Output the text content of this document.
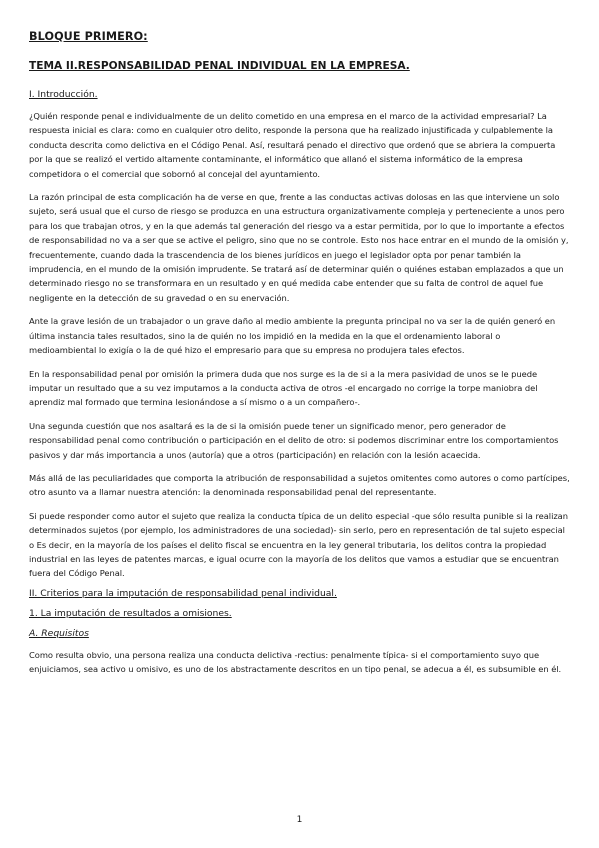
BLOQUE PRIMERO:
TEMA II.RESPONSABILIDAD PENAL INDIVIDUAL EN LA EMPRESA.
I. Introducción.

¿Quién responde penal e individualmente de un delito cometido en una empresa en el marco de la actividad empresarial? La respuesta inicial es clara: como en cualquier otro delito, responde la persona que ha realizado injustificada y culpablemente la conducta descrita como delictiva en el Código Penal. Así, resultará penado el directivo que ordenó que se abriera la compuerta por la que se realizó el vertido altamente contaminante, el informático que allanó el sistema informático de la empresa competidora o el comercial que sobornó al concejal del ayuntamiento.

La razón principal de esta complicación ha de verse en que, frente a las conductas activas dolosas en las que interviene un solo sujeto, será usual que el curso de riesgo se produzca en una estructura organizativamente compleja y perteneciente a unos pero para los que trabajan otros, y en la que además tal generación del riesgo va a estar permitida, por lo que lo importante a efectos de responsabilidad no va a ser que se active el peligro, sino que no se controle. Esto nos hace entrar en el mundo de la omisión y, frecuentemente, cuando dada la trascendencia de los bienes jurídicos en juego el legislador opta por penar también la imprudencia, en el mundo de la omisión imprudente. Se tratará así de determinar quién o quiénes estaban emplazados a que un determinado riesgo no se transformara en un resultado y en qué medida cabe entender que su falta de control de aquel fue negligente en la detección de su gravedad o en su enervación.

Ante la grave lesión de un trabajador o un grave daño al medio ambiente la pregunta principal no va ser la de quién generó en última instancia tales resultados, sino la de quién no los impidió en la medida en la que el ordenamiento laboral o medioambiental lo exigía o la de qué hizo el empresario para que su empresa no produjera tales efectos.

En la responsabilidad penal por omisión la primera duda que nos surge es la de si a la mera pasividad de unos se le puede imputar un resultado que a su vez imputamos a la conducta activa de otros -el encargado no corrige la torpe maniobra del aprendiz mal formado que termina lesionándose a sí mismo o a un compañero-.

Una segunda cuestión que nos asaltará es la de si la omisión puede tener un significado menor, pero generador de responsabilidad penal como contribución o participación en el delito de otro: si podemos discriminar entre los comportamientos pasivos y dar más importancia a unos (autoría) que a otros (participación) en relación con la lesión acaecida.

Más allá de las peculiaridades que comporta la atribución de responsabilidad a sujetos omitentes como autores o como partícipes, otro asunto va a llamar nuestra atención: la denominada responsabilidad penal del representante.

Si puede responder como autor el sujeto que realiza la conducta típica de un delito especial -que sólo resulta punible si la realizan determinados sujetos (por ejemplo, los administradores de una sociedad)- sin serlo, pero en representación de tal sujeto especial o Es decir, en la mayoría de los países el delito fiscal se encuentra en la ley general tributaria, los delitos contra la propiedad industrial en las leyes de patentes marcas, e igual ocurre con la mayoría de los delitos que vamos a estudiar que se encuentran fuera del Código Penal.

II. Criterios para la imputación de responsabilidad penal individual.
1. La imputación de resultados a omisiones.
A. Requisitos

Como resulta obvio, una persona realiza una conducta delictiva -rectius: penalmente típica- si el comportamiento suyo que enjuiciamos, sea activo u omisivo, es uno de los abstractamente descritos en un tipo penal, se adecua a él, es subsumible en él.

1
